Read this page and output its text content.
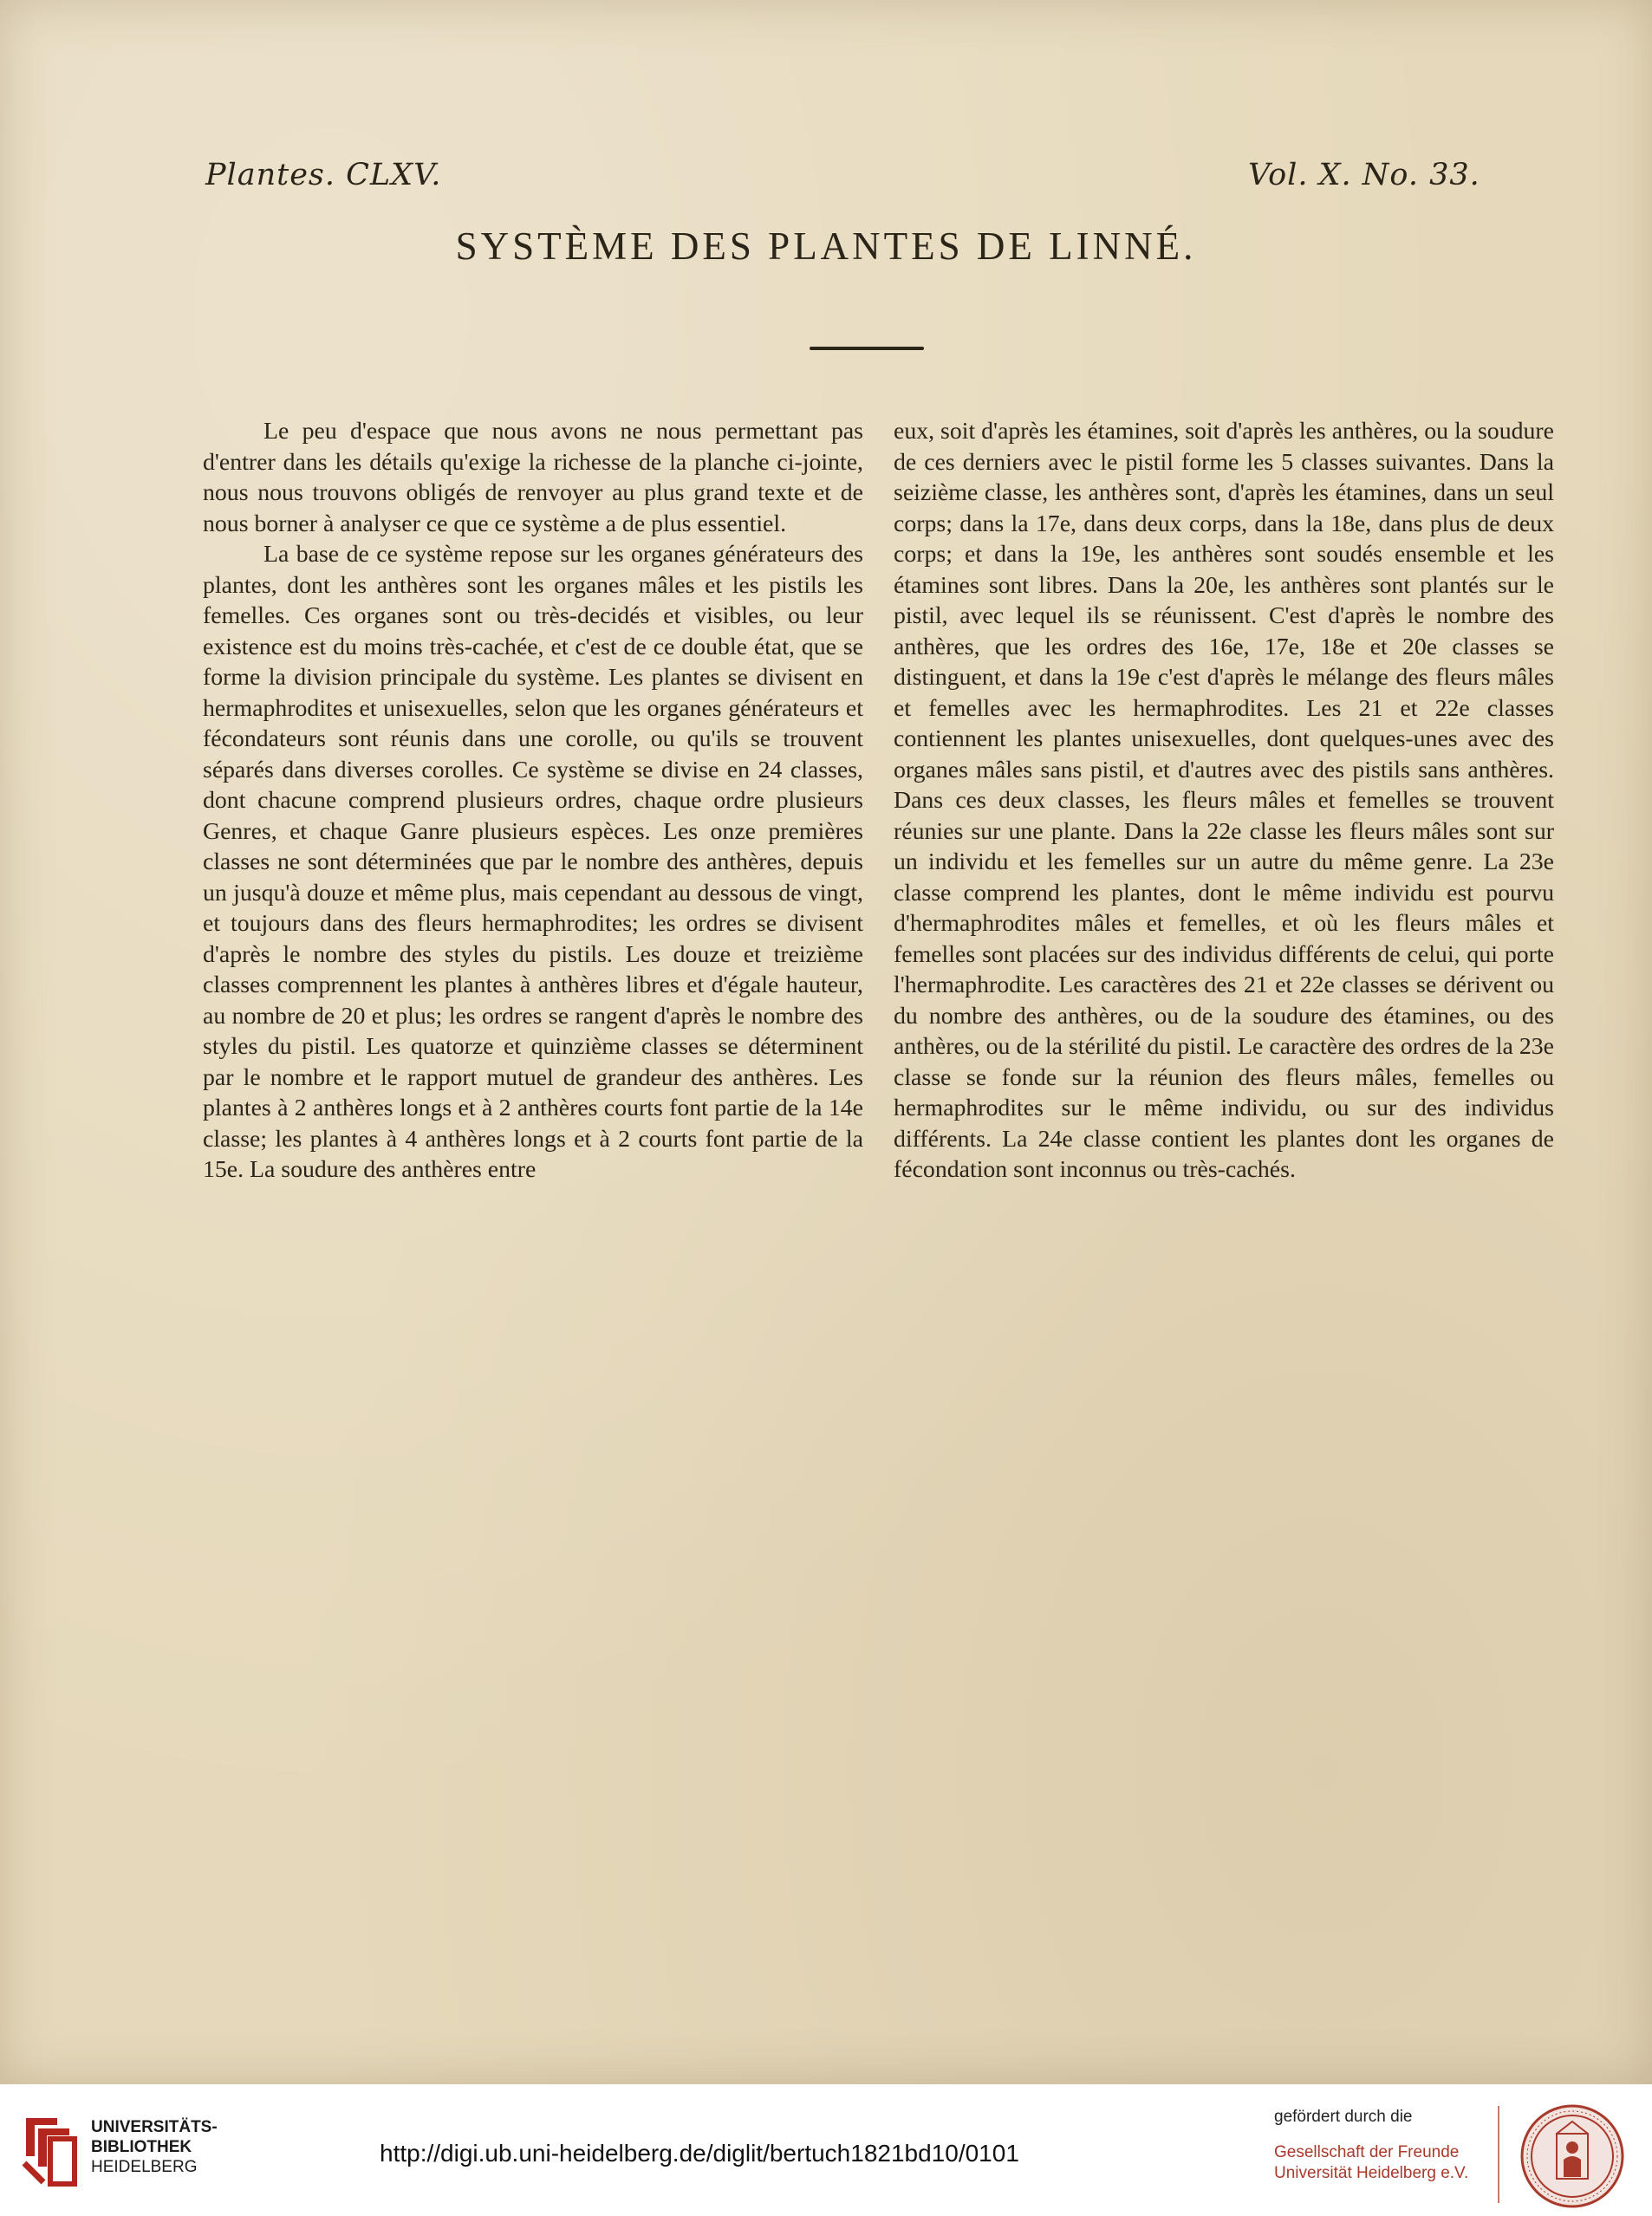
Plantes. CLXV.	Vol. X. No. 33.
SYSTÈME DES PLANTES DE LINNÉ.

Le peu d'espace que nous avons ne nous permettant pas d'entrer dans les détails qu'exige la richesse de la planche ci-jointe, nous nous trouvons obligés de renvoyer au plus grand texte et de nous borner à analyser ce que ce système a de plus essentiel.

La base de ce système repose sur les organes générateurs des plantes, dont les anthères sont les organes mâles et les pistils les femelles. Ces organes sont ou très-decidés et visibles, ou leur existence est du moins très-cachée, et c'est de ce double état, que se forme la division principale du système. Les plantes se divisent en hermaphrodites et unisexuelles, selon que les organes générateurs et fécondateurs sont réunis dans une corolle, ou qu'ils se trouvent séparés dans diverses corolles. Ce système se divise en 24 classes, dont chacune comprend plusieurs ordres, chaque ordre plusieurs Genres, et chaque Ganre plusieurs espèces. Les onze premières classes ne sont déterminées que par le nombre des anthères, depuis un jusqu'à douze et même plus, mais cependant au dessous de vingt, et toujours dans des fleurs hermaphrodites; les ordres se divisent d'après le nombre des styles du pistils. Les douze et treizième classes comprennent les plantes à anthères libres et d'égale hauteur, au nombre de 20 et plus; les ordres se rangent d'après le nombre des styles du pistil. Les quatorze et quinzième classes se déterminent par le nombre et le rapport mutuel de grandeur des anthères. Les plantes à 2 anthères longs et à 2 anthères courts font partie de la 14e classe; les plantes à 4 anthères longs et à 2 courts font partie de la 15e. La soudure des anthères entre

eux, soit d'après les étamines, soit d'après les anthères, ou la soudure de ces derniers avec le pistil forme les 5 classes suivantes. Dans la seizième classe, les anthères sont, d'après les étamines, dans un seul corps; dans la 17e, dans deux corps, dans la 18e, dans plus de deux corps; et dans la 19e, les anthères sont soudés ensemble et les étamines sont libres. Dans la 20e, les anthères sont plantés sur le pistil, avec lequel ils se réunissent. C'est d'après le nombre des anthères, que les ordres des 16e, 17e, 18e et 20e classes se distinguent, et dans la 19e c'est d'après le mélange des fleurs mâles et femelles avec les hermaphrodites. Les 21 et 22e classes contiennent les plantes unisexuelles, dont quelques-unes avec des organes mâles sans pistil, et d'autres avec des pistils sans anthères. Dans ces deux classes, les fleurs mâles et femelles se trouvent réunies sur une plante. Dans la 22e classe les fleurs mâles sont sur un individu et les femelles sur un autre du même genre. La 23e classe comprend les plantes, dont le même individu est pourvu d'hermaphrodites mâles et femelles, et où les fleurs mâles et femelles sont placées sur des individus différents de celui, qui porte l'hermaphrodite. Les caractères des 21 et 22e classes se dérivent ou du nombre des anthères, ou de la soudure des étamines, ou des anthères, ou de la stérilité du pistil. Le caractère des ordres de la 23e classe se fonde sur la réunion des fleurs mâles, femelles ou hermaphrodites sur le même individu, ou sur des individus différents. La 24e classe contient les plantes dont les organes de fécondation sont inconnus ou très-cachés.

UNIVERSITÄTS-
BIBLIOTHEK
HEIDELBERG
http://digi.ub.uni-heidelberg.de/diglit/bertuch1821bd10/0101
gefördert durch die
Gesellschaft der Freunde
Universität Heidelberg e.V.
